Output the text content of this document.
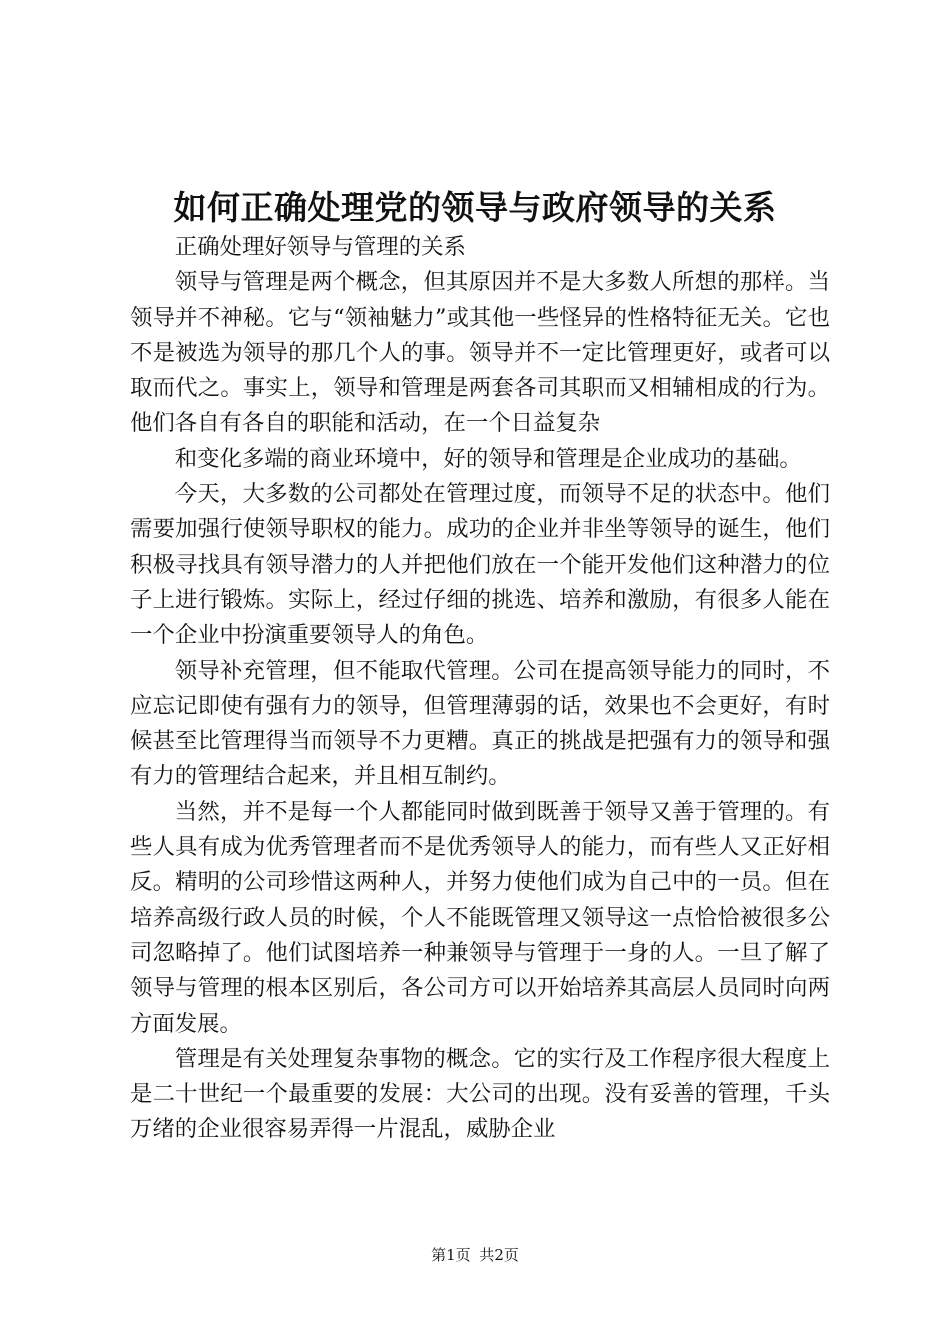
如何正确处理党的领导与政府领导的关系

正确处理好领导与管理的关系

领导与管理是两个概念，但其原因并不是大多数人所想的那样。当领导并不神秘。它与“领袖魅力”或其他一些怪异的性格特征无关。它也不是被选为领导的那几个人的事。领导并不一定比管理更好，或者可以取而代之。事实上，领导和管理是两套各司其职而又相辅相成的行为。他们各自有各自的职能和活动，在一个日益复杂

和变化多端的商业环境中，好的领导和管理是企业成功的基础。

今天，大多数的公司都处在管理过度，而领导不足的状态中。他们需要加强行使领导职权的能力。成功的企业并非坐等领导的诞生，他们积极寻找具有领导潜力的人并把他们放在一个能开发他们这种潜力的位子上进行锻炼。实际上，经过仔细的挑选、培养和激励，有很多人能在一个企业中扮演重要领导人的角色。

领导补充管理，但不能取代管理。公司在提高领导能力的同时，不应忘记即使有强有力的领导，但管理薄弱的话，效果也不会更好，有时候甚至比管理得当而领导不力更糟。真正的挑战是把强有力的领导和强有力的管理结合起来，并且相互制约。

当然，并不是每一个人都能同时做到既善于领导又善于管理的。有些人具有成为优秀管理者而不是优秀领导人的能力，而有些人又正好相反。精明的公司珍惜这两种人，并努力使他们成为自己中的一员。但在培养高级行政人员的时候，个人不能既管理又领导这一点恰恰被很多公司忽略掉了。他们试图培养一种兼领导与管理于一身的人。一旦了解了领导与管理的根本区别后，各公司方可以开始培养其高层人员同时向两方面发展。

管理是有关处理复杂事物的概念。它的实行及工作程序很大程度上是二十世纪一个最重要的发展：大公司的出现。没有妥善的管理，千头万绪的企业很容易弄得一片混乱，威胁企业

第1页 共2页
